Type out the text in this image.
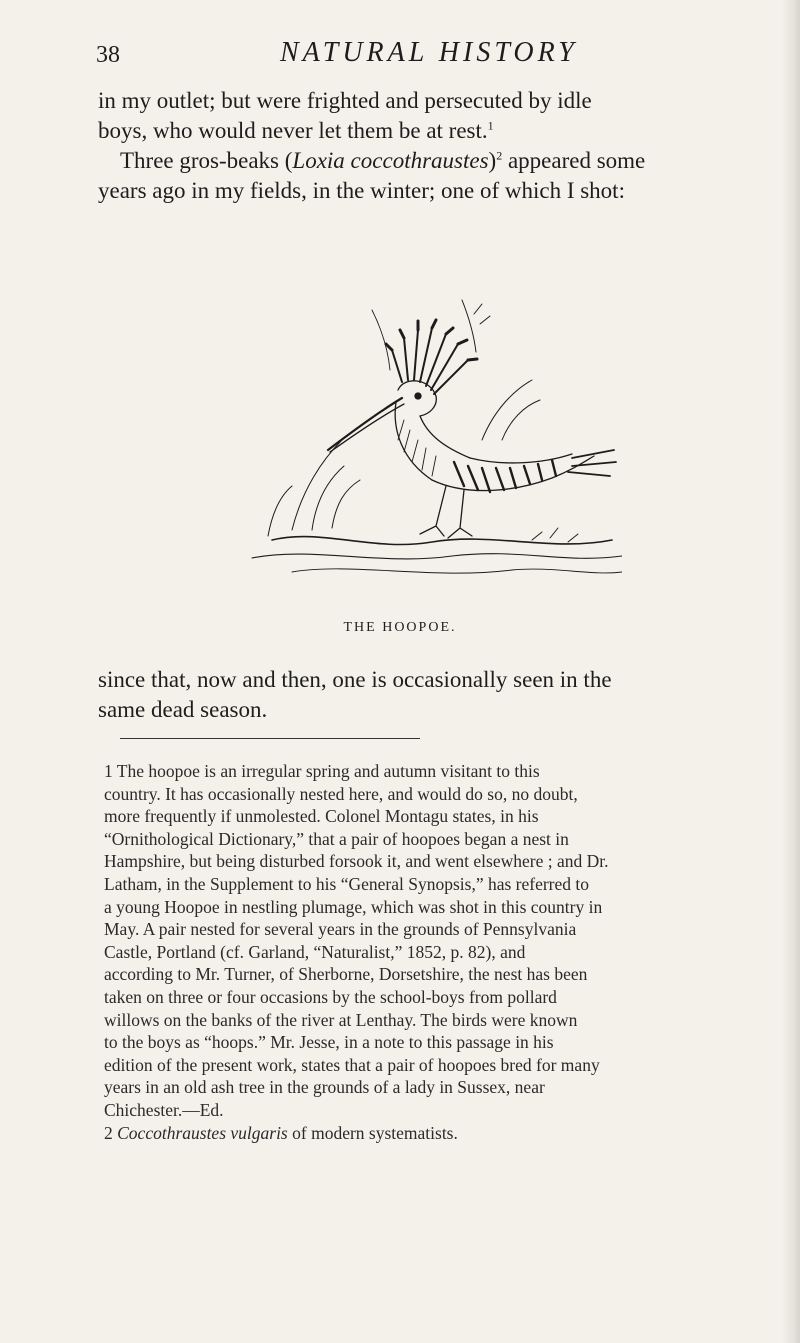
38	NATURAL HISTORY
in my outlet; but were frighted and persecuted by idle
boys, who would never let them be at rest.$^1$
Three gros-beaks (Loxia coccothraustes)$^2$ appeared some
years ago in my fields, in the winter; one of which I shot:
THE HOOPOE.
since that, now and then, one is occasionally seen in the
same dead season.
1 The hoopoe is an irregular spring and autumn visitant to this
country. It has occasionally nested here, and would do so, no doubt,
more frequently if unmolested. Colonel Montagu states, in his
“Ornithological Dictionary,” that a pair of hoopoes began a nest in
Hampshire, but being disturbed forsook it, and went elsewhere ; and Dr.
Latham, in the Supplement to his “General Synopsis,” has referred to
a young Hoopoe in nestling plumage, which was shot in this country in
May. A pair nested for several years in the grounds of Pennsylvania
Castle, Portland (cf. Garland, “Naturalist,” 1852, p. 82), and
according to Mr. Turner, of Sherborne, Dorsetshire, the nest has been
taken on three or four occasions by the school-boys from pollard
willows on the banks of the river at Lenthay. The birds were known
to the boys as “hoops.” Mr. Jesse, in a note to this passage in his
edition of the present work, states that a pair of hoopoes bred for many
years in an old ash tree in the grounds of a lady in Sussex, near
Chichester.—Ed.
2 Coccothraustes vulgaris of modern systematists.
